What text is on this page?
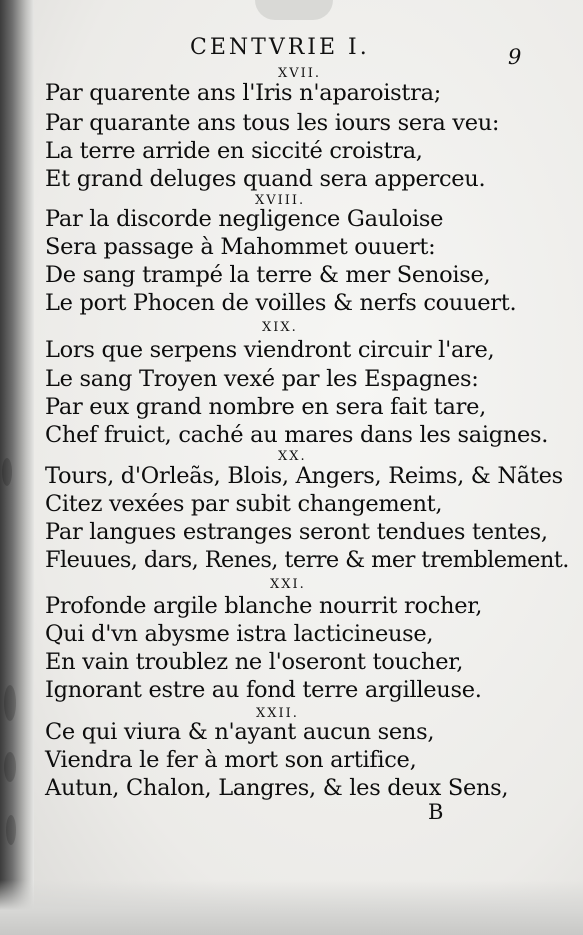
CENTVRIE I.	9
XVII.
Par quarente ans l'Iris n'aparoistra;
Par quarante ans tous les iours sera veu:
La terre arride en siccité croistra,
Et grand deluges quand sera apperceu.
XVIII.
Par la discorde negligence Gauloise
Sera passage à Mahommet ouuert:
De sang trampé la terre & mer Senoise,
Le port Phocen de voilles & nerfs couuert.
XIX.
Lors que serpens viendront circuir l'are,
Le sang Troyen vexé par les Espagnes:
Par eux grand nombre en sera fait tare,
Chef fruict, caché au mares dans les saignes.
XX.
Tours, d'Orleãs, Blois, Angers, Reims, & Nãtes
Citez vexées par subit changement,
Par langues estranges seront tendues tentes,
Fleuues, dars, Renes, terre & mer tremblement.
XXI.
Profonde argile blanche nourrit rocher,
Qui d'vn abysme istra lacticineuse,
En vain troublez ne l'oseront toucher,
Ignorant estre au fond terre argilleuse.
XXII.
Ce qui viura & n'ayant aucun sens,
Viendra le fer à mort son artifice,
Autun, Chalon, Langres, & les deux Sens,
B
